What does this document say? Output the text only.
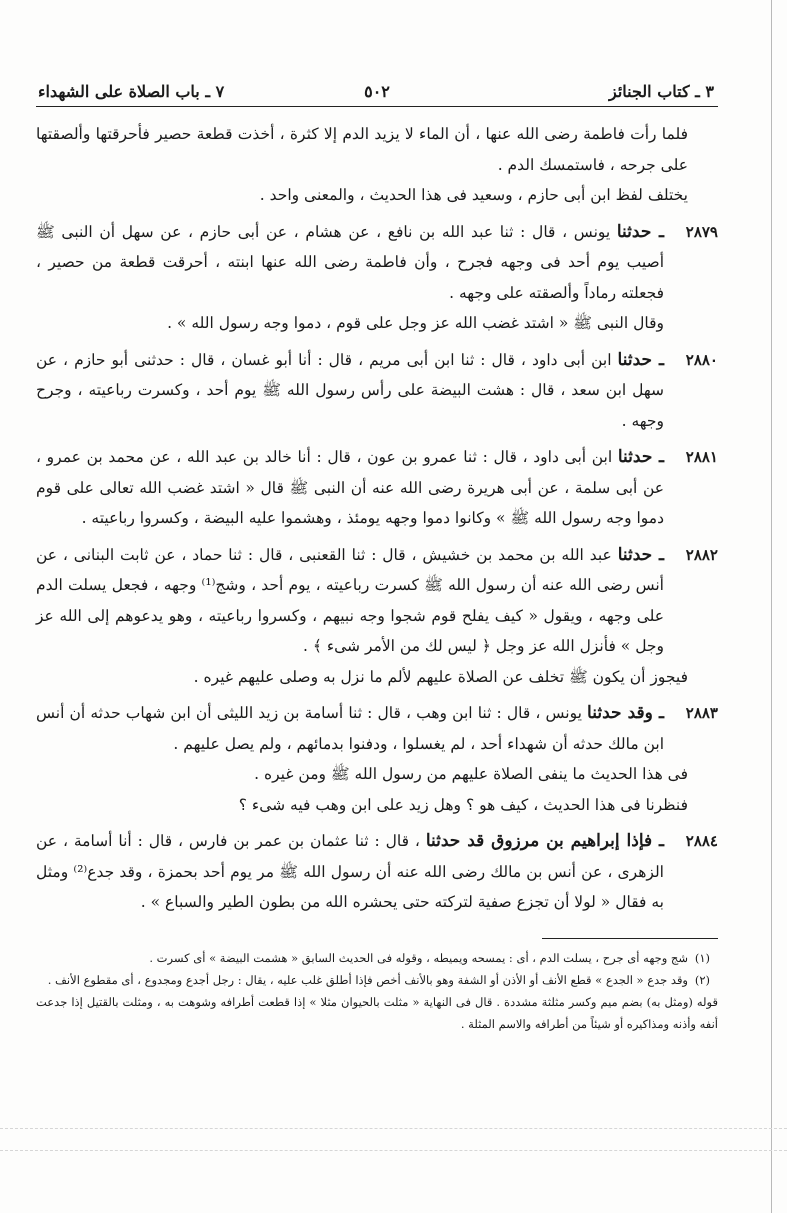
٣ ـ كتاب الجنائز
٥٠٢
٧ ـ باب الصلاة على الشهداء

فلما رأت فاطمة رضى الله عنها ، أن الماء لا يزيد الدم إلا كثرة ، أخذت قطعة حصير فأحرقتها وألصقتها على جرحه ، فاستمسك الدم .

يختلف لفظ ابن أبى حازم ، وسعيد فى هذا الحديث ، والمعنى واحد .

٢٨٧٩

ـ حدثنا يونس ، قال : ثنا عبد الله بن نافع ، عن هشام ، عن أبى حازم ، عن سهل أن النبى ﷺ أصيب يوم أحد فى وجهه فجرح ، وأن فاطمة رضى الله عنها ابنته ، أحرقت قطعة من حصير ، فجعلته رماداً وألصقته على وجهه .

وقال النبى ﷺ « اشتد غضب الله عز وجل على قوم ، دموا وجه رسول الله » .

٢٨٨٠

ـ حدثنا ابن أبى داود ، قال : ثنا ابن أبى مريم ، قال : أنا أبو غسان ، قال : حدثنى أبو حازم ، عن سهل ابن سعد ، قال : هشت البيضة على رأس رسول الله ﷺ يوم أحد ، وكسرت رباعيته ، وجرح وجهه .

٢٨٨١

ـ حدثنا ابن أبى داود ، قال : ثنا عمرو بن عون ، قال : أنا خالد بن عبد الله ، عن محمد بن عمرو ، عن أبى سلمة ، عن أبى هريرة رضى الله عنه أن النبى ﷺ قال « اشتد غضب الله تعالى على قوم دموا وجه رسول الله ﷺ » وكانوا دموا وجهه يومئذ ، وهشموا عليه البيضة ، وكسروا رباعيته .

٢٨٨٢

ـ حدثنا عبد الله بن محمد بن خشيش ، قال : ثنا القعنبى ، قال : ثنا حماد ، عن ثابت البنانى ، عن أنس رضى الله عنه أن رسول الله ﷺ كسرت رباعيته ، يوم أحد ، وشج⁽¹⁾ وجهه ، فجعل يسلت الدم على وجهه ، ويقول « كيف يفلح قوم شجوا وجه نبيهم ، وكسروا رباعيته ، وهو يدعوهم إلى الله عز وجل » فأنزل الله عز وجل ﴿ ليس لك من الأمر شىء ﴾ .

فيجوز أن يكون ﷺ تخلف عن الصلاة عليهم لألم ما نزل به وصلى عليهم غيره .

٢٨٨٣

ـ وقد حدثنا يونس ، قال : ثنا ابن وهب ، قال : ثنا أسامة بن زيد الليثى أن ابن شهاب حدثه أن أنس ابن مالك حدثه أن شهداء أحد ، لم يغسلوا ، ودفنوا بدمائهم ، ولم يصل عليهم .

فى هذا الحديث ما ينفى الصلاة عليهم من رسول الله ﷺ ومن غيره .

فنظرنا فى هذا الحديث ، كيف هو ؟ وهل زيد على ابن وهب فيه شىء ؟

٢٨٨٤

ـ فإذا إبراهيم بن مرزوق قد حدثنا ، قال : ثنا عثمان بن عمر بن فارس ، قال : أنا أسامة ، عن الزهرى ، عن أنس بن مالك رضى الله عنه أن رسول الله ﷺ مر يوم أحد بحمزة ، وقد جدع⁽²⁾ ومثل به فقال « لولا أن تجزع صفية لتركته حتى يحشره الله من بطون الطير والسباع » .

(١)
شج وجهه أى جرح ، يسلت الدم ، أى : يمسحه ويميطه ، وقوله فى الحديث السابق « هشمت البيضة » أى كسرت .

(٢)
وقد جدع « الجدع » قطع الأنف أو الأذن أو الشفة وهو بالأنف أخص فإذا أطلق غلب عليه ، يقال : رجل أجدع ومجدوع ، أى مقطوع الأنف .

قوله (ومثل به) بضم ميم وكسر مثلثة مشددة . قال فى النهاية « مثلت بالحيوان مثلا » إذا قطعت أطرافه وشوهت به ، ومثلت بالقتيل إذا جدعت أنفه وأذنه ومذاكيره أو شيئاً من أطرافه والاسم المثلة .
